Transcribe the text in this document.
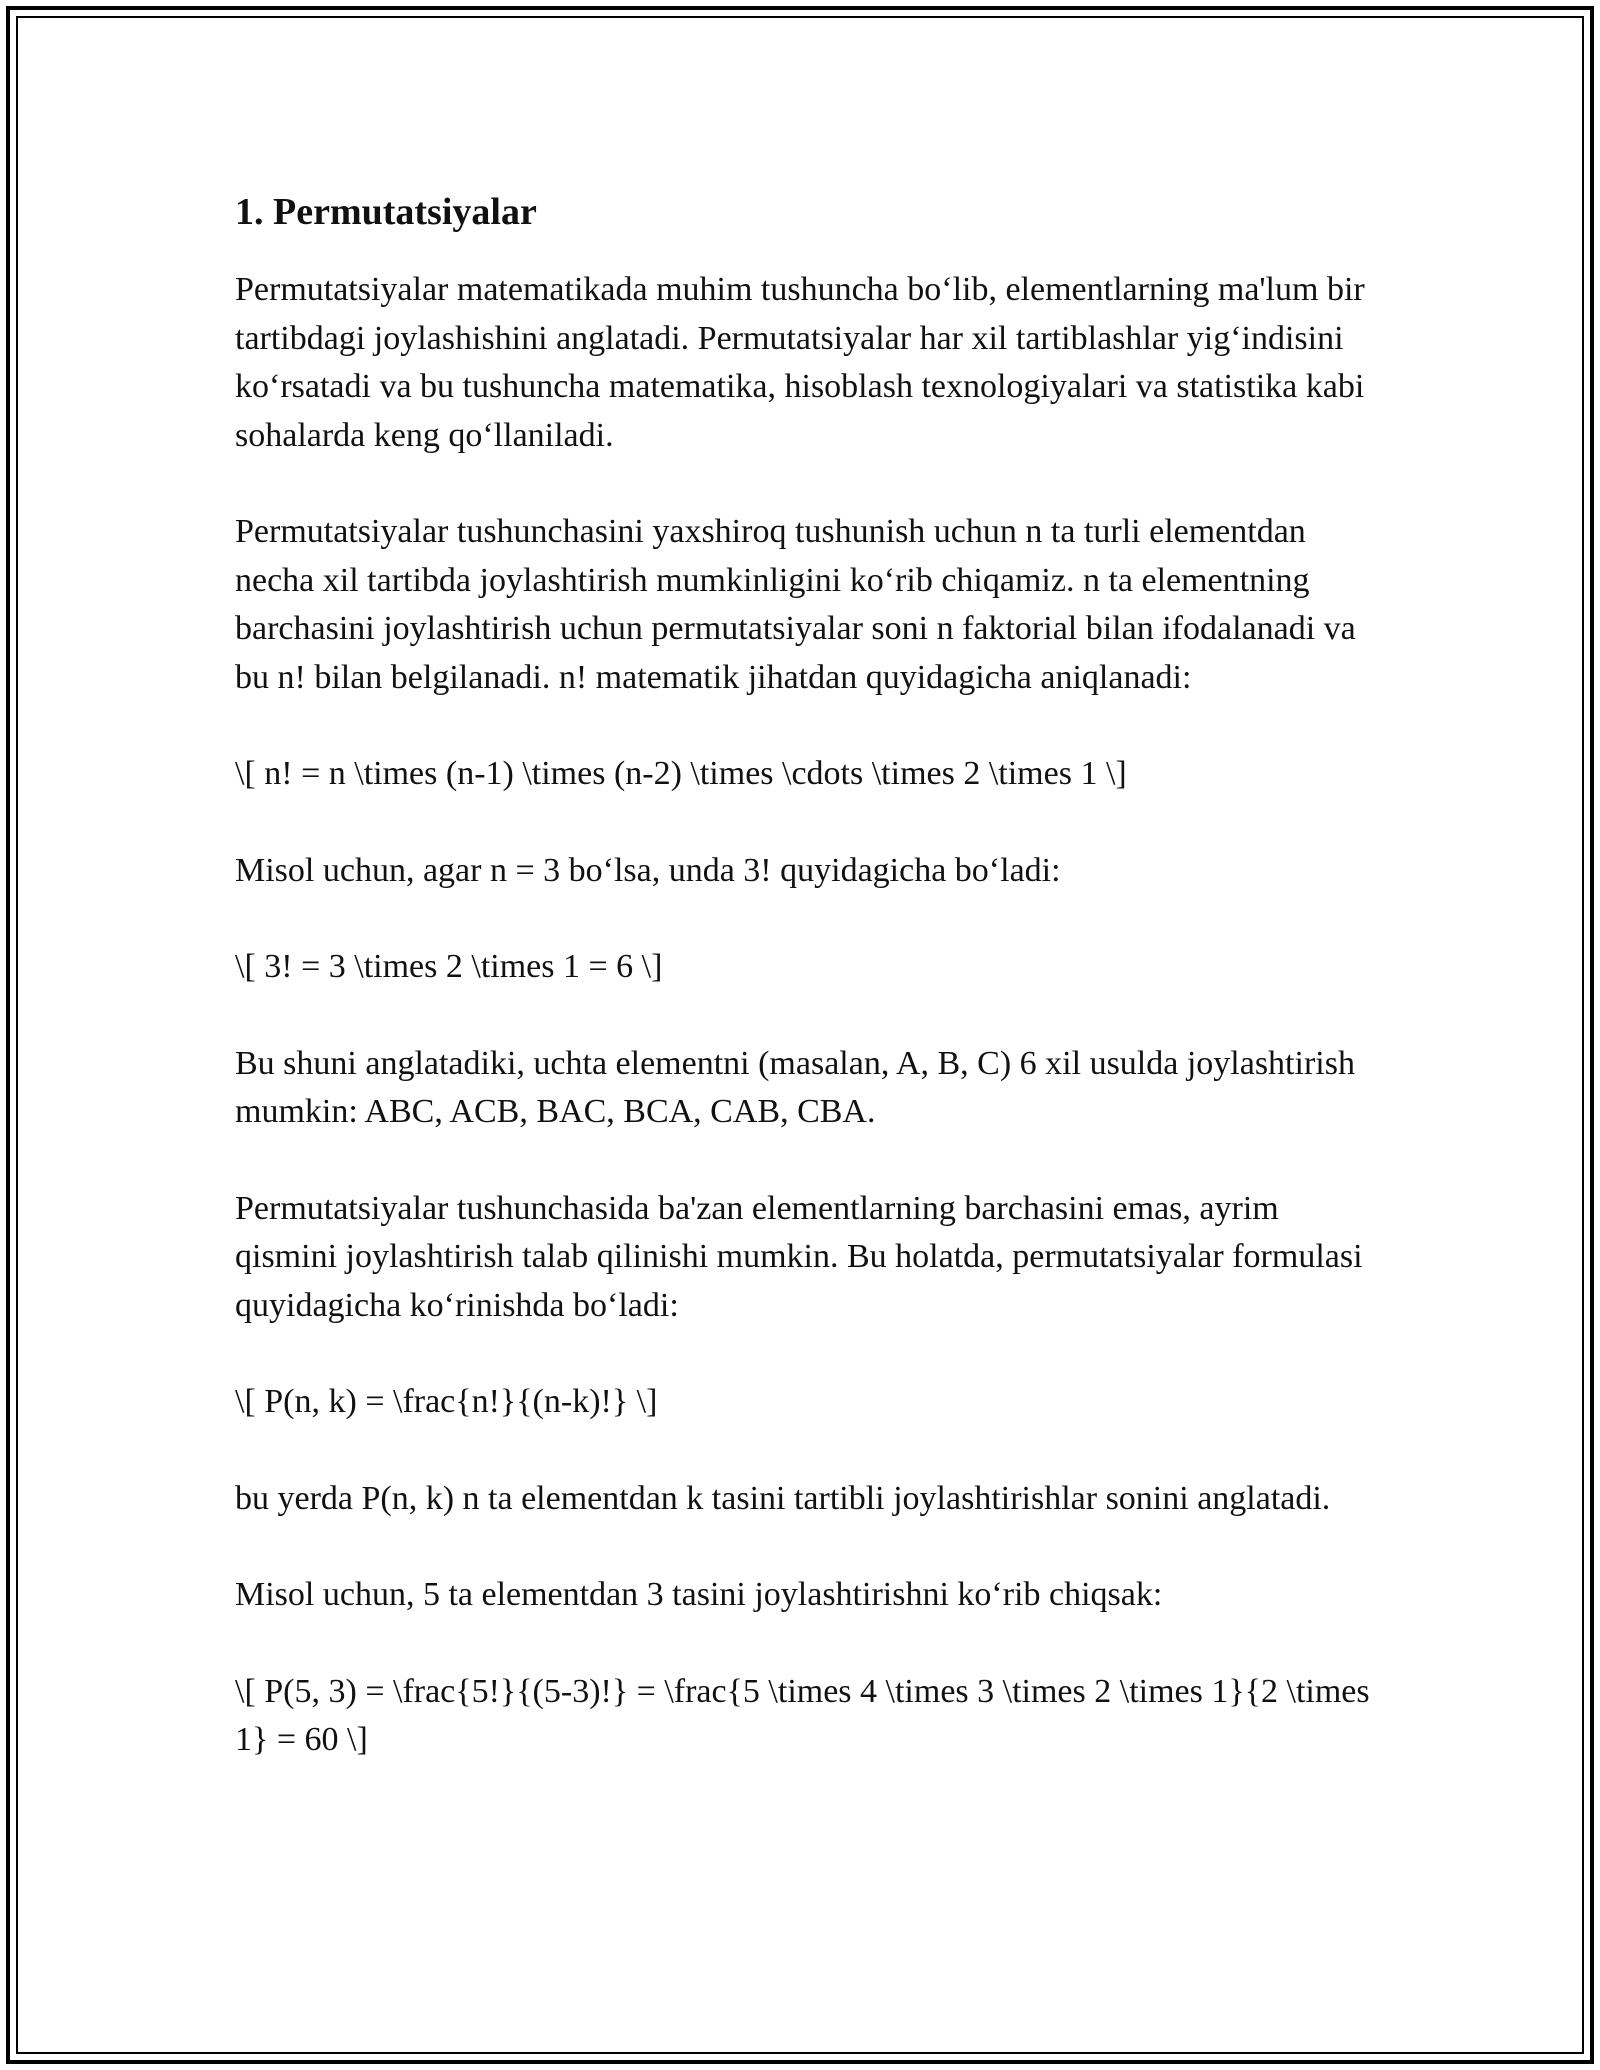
1. Permutatsiyalar

Permutatsiyalar matematikada muhim tushuncha bo‘lib, elementlarning ma'lum bir tartibdagi joylashishini anglatadi. Permutatsiyalar har xil tartiblashlar yig‘indisini ko‘rsatadi va bu tushuncha matematika, hisoblash texnologiyalari va statistika kabi sohalarda keng qo‘llaniladi.

Permutatsiyalar tushunchasini yaxshiroq tushunish uchun n ta turli elementdan necha xil tartibda joylashtirish mumkinligini ko‘rib chiqamiz. n ta elementning barchasini joylashtirish uchun permutatsiyalar soni n faktorial bilan ifodalanadi va bu n! bilan belgilanadi. n! matematik jihatdan quyidagicha aniqlanadi:

\[ n! = n \times (n-1) \times (n-2) \times \cdots \times 2 \times 1 \]

Misol uchun, agar n = 3 bo‘lsa, unda 3! quyidagicha bo‘ladi:

\[ 3! = 3 \times 2 \times 1 = 6 \]

Bu shuni anglatadiki, uchta elementni (masalan, A, B, C) 6 xil usulda joylashtirish mumkin: ABC, ACB, BAC, BCA, CAB, CBA.

Permutatsiyalar tushunchasida ba'zan elementlarning barchasini emas, ayrim qismini joylashtirish talab qilinishi mumkin. Bu holatda, permutatsiyalar formulasi quyidagicha ko‘rinishda bo‘ladi:

\[ P(n, k) = \frac{n!}{(n-k)!} \]

bu yerda P(n, k) n ta elementdan k tasini tartibli joylashtirishlar sonini anglatadi.

Misol uchun, 5 ta elementdan 3 tasini joylashtirishni ko‘rib chiqsak:

\[ P(5, 3) = \frac{5!}{(5-3)!} = \frac{5 \times 4 \times 3 \times 2 \times 1}{2 \times 1} = 60 \]
